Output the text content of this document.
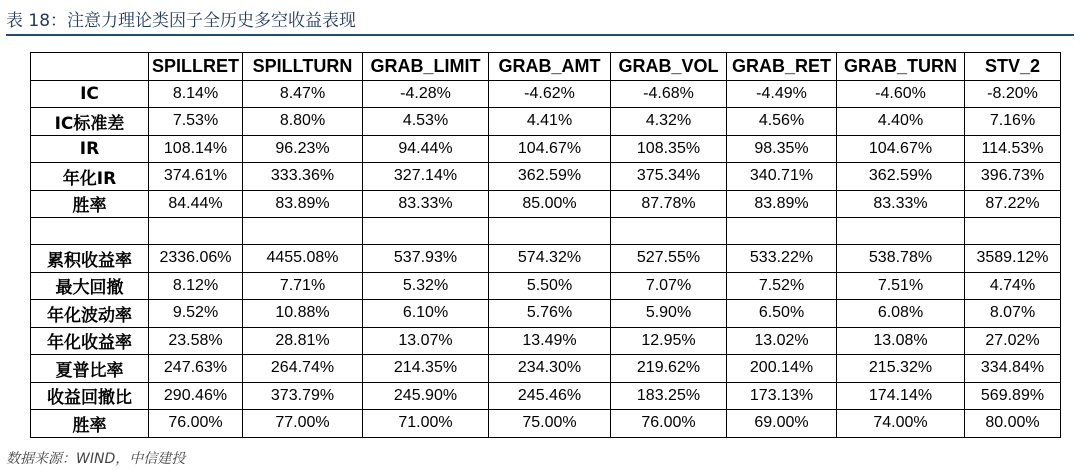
表 18：注意力理论类因子全历史多空收益表现
	SPILLRET	SPILLTURN	GRAB_LIMIT	GRAB_AMT	GRAB_VOL	GRAB_RET	GRAB_TURN	STV_2
IC	8.14%	8.47%	-4.28%	-4.62%	-4.68%	-4.49%	-4.60%	-8.20%
IC标准差	7.53%	8.80%	4.53%	4.41%	4.32%	4.56%	4.40%	7.16%
IR	108.14%	96.23%	94.44%	104.67%	108.35%	98.35%	104.67%	114.53%
年化IR	374.61%	333.36%	327.14%	362.59%	375.34%	340.71%	362.59%	396.73%
胜率	84.44%	83.89%	83.33%	85.00%	87.78%	83.89%	83.33%	87.22%

累积收益率	2336.06%	4455.08%	537.93%	574.32%	527.55%	533.22%	538.78%	3589.12%
最大回撤	8.12%	7.71%	5.32%	5.50%	7.07%	7.52%	7.51%	4.74%
年化波动率	9.52%	10.88%	6.10%	5.76%	5.90%	6.50%	6.08%	8.07%
年化收益率	23.58%	28.81%	13.07%	13.49%	12.95%	13.02%	13.08%	27.02%
夏普比率	247.63%	264.74%	214.35%	234.30%	219.62%	200.14%	215.32%	334.84%
收益回撤比	290.46%	373.79%	245.90%	245.46%	183.25%	173.13%	174.14%	569.89%
胜率	76.00%	77.00%	71.00%	75.00%	76.00%	69.00%	74.00%	80.00%
数据来源：WIND，中信建投
